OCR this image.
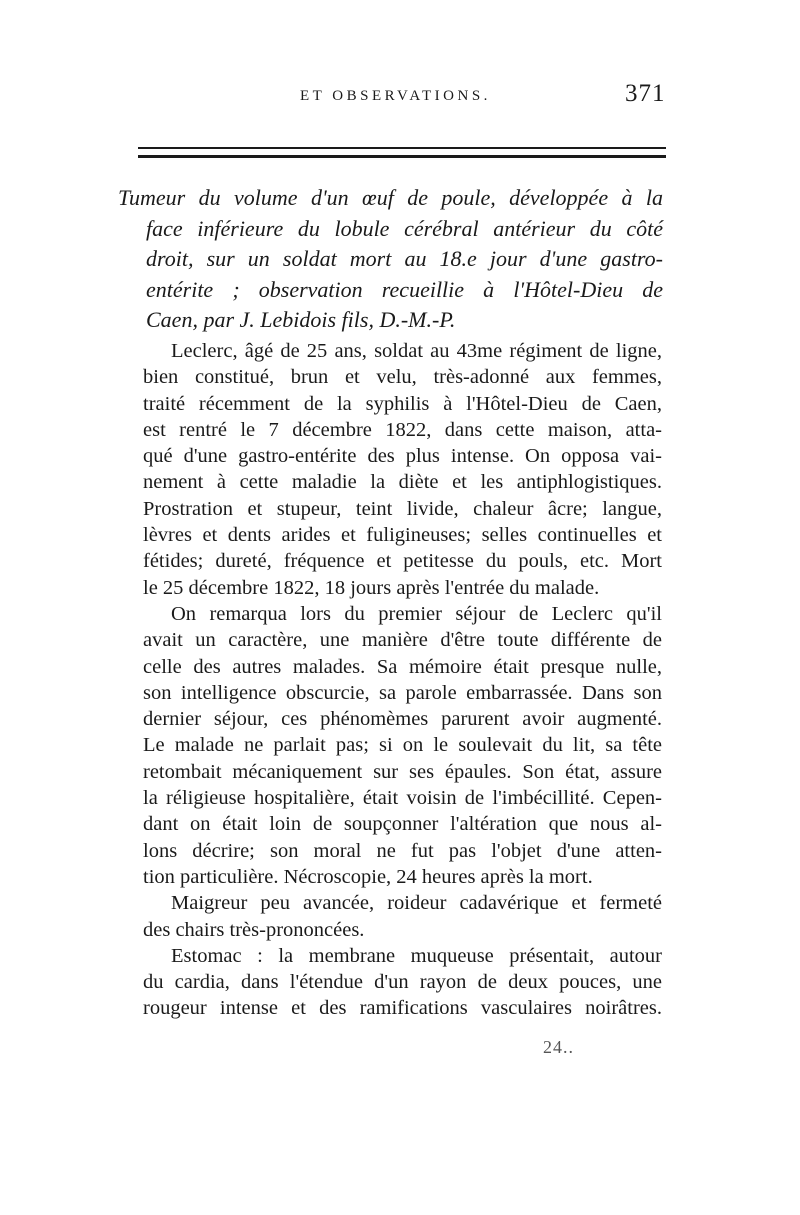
ET OBSERVATIONS.	371
Tumeur du volume d'un œuf de poule, développée à la
face inférieure du lobule cérébral antérieur du côté
droit, sur un soldat mort au 18.e jour d'une gastro-
entérite ; observation recueillie à l'Hôtel-Dieu de
Caen, par J. Lebidois fils, D.-M.-P.
Leclerc, âgé de 25 ans, soldat au 43me régiment de ligne,
bien constitué, brun et velu, très-adonné aux femmes,
traité récemment de la syphilis à l'Hôtel-Dieu de Caen,
est rentré le 7 décembre 1822, dans cette maison, atta-
qué d'une gastro-entérite des plus intense. On opposa vai-
nement à cette maladie la diète et les antiphlogistiques.
Prostration et stupeur, teint livide, chaleur âcre; langue,
lèvres et dents arides et fuligineuses; selles continuelles et
fétides; dureté, fréquence et petitesse du pouls, etc. Mort
le 25 décembre 1822, 18 jours après l'entrée du malade.
On remarqua lors du premier séjour de Leclerc qu'il
avait un caractère, une manière d'être toute différente de
celle des autres malades. Sa mémoire était presque nulle,
son intelligence obscurcie, sa parole embarrassée. Dans son
dernier séjour, ces phénomèmes parurent avoir augmenté.
Le malade ne parlait pas; si on le soulevait du lit, sa tête
retombait mécaniquement sur ses épaules. Son état, assure
la réligieuse hospitalière, était voisin de l'imbécillité. Cepen-
dant on était loin de soupçonner l'altération que nous al-
lons décrire; son moral ne fut pas l'objet d'une atten-
tion particulière. Nécroscopie, 24 heures après la mort.
Maigreur peu avancée, roideur cadavérique et fermeté
des chairs très-prononcées.
Estomac : la membrane muqueuse présentait, autour
du cardia, dans l'étendue d'un rayon de deux pouces, une
rougeur intense et des ramifications vasculaires noirâtres.
24..
